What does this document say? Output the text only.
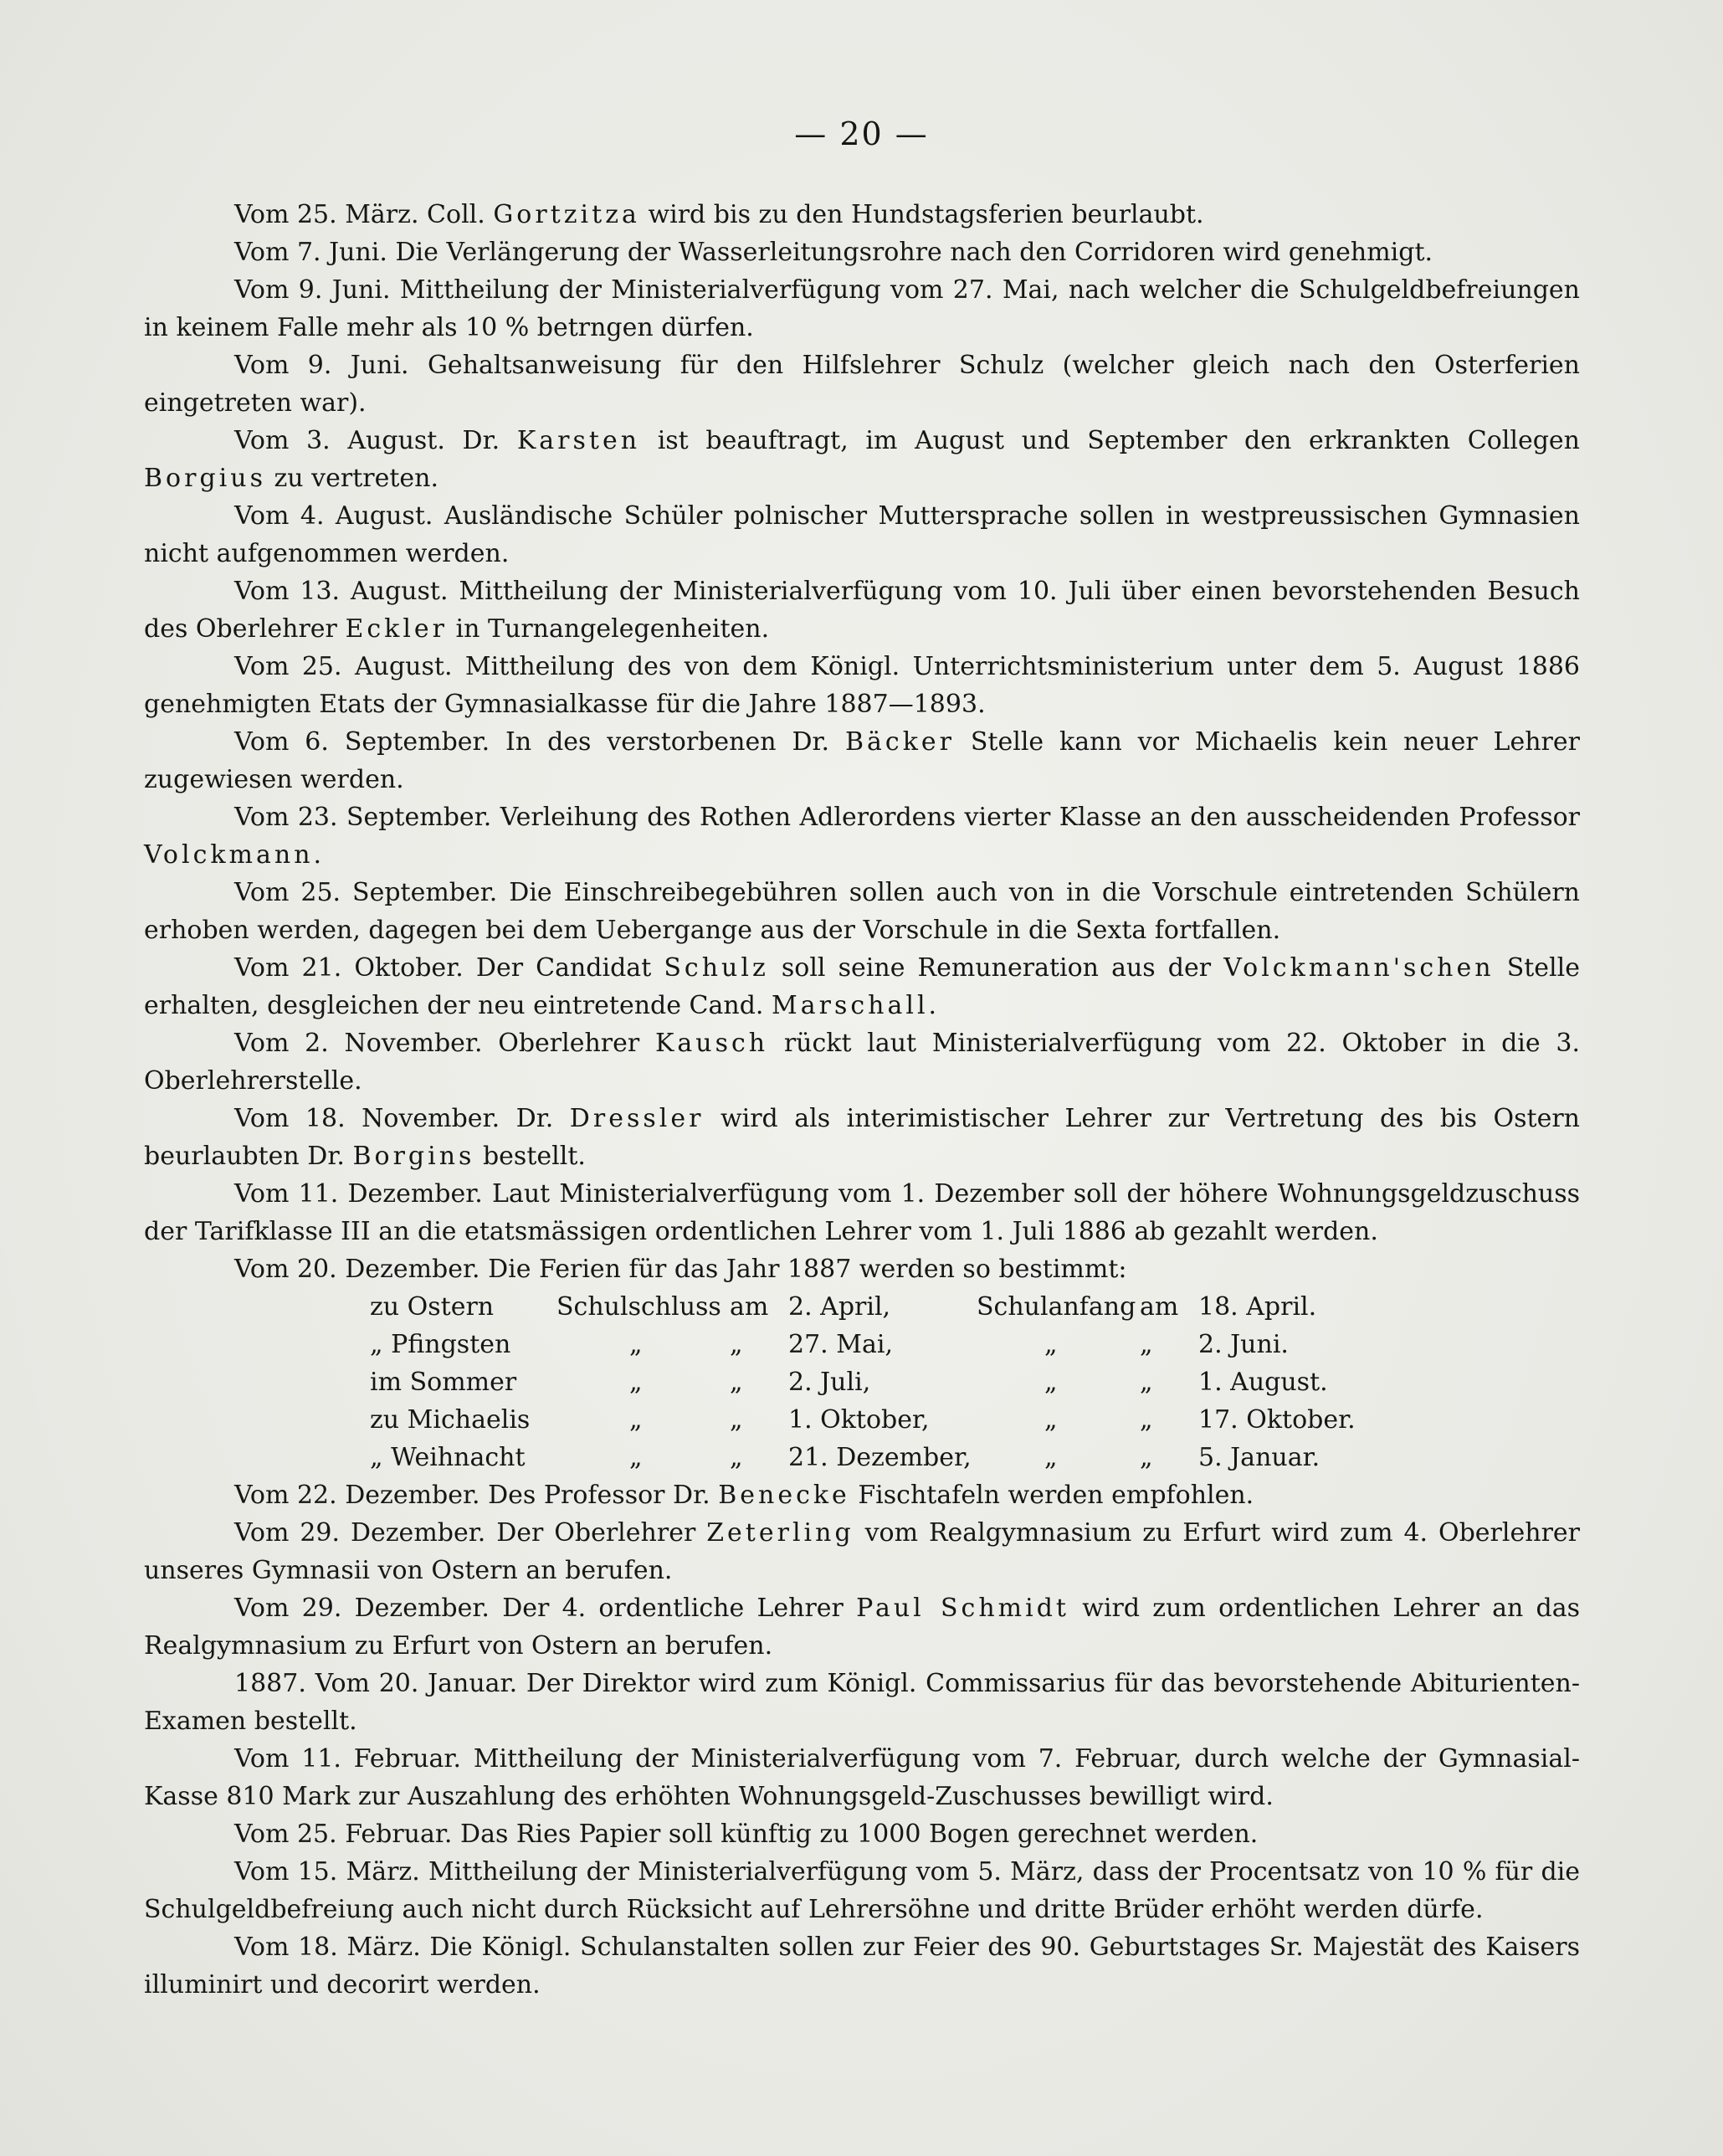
— 20 —

Vom 25. März. Coll. Gortzitza wird bis zu den Hundstagsferien beurlaubt.

Vom 7. Juni. Die Verlängerung der Wasserleitungsrohre nach den Corridoren wird genehmigt.

Vom 9. Juni. Mittheilung der Ministerialverfügung vom 27. Mai, nach welcher die Schulgeldbefreiungen in keinem Falle mehr als 10 % betrngen dürfen.

Vom 9. Juni. Gehaltsanweisung für den Hilfslehrer Schulz (welcher gleich nach den Osterferien eingetreten war).

Vom 3. August. Dr. Karsten ist beauftragt, im August und September den erkrankten Collegen Borgius zu vertreten.

Vom 4. August. Ausländische Schüler polnischer Muttersprache sollen in westpreussischen Gymnasien nicht aufgenommen werden.

Vom 13. August. Mittheilung der Ministerialverfügung vom 10. Juli über einen bevorstehenden Besuch des Oberlehrer Eckler in Turnangelegenheiten.

Vom 25. August. Mittheilung des von dem Königl. Unterrichtsministerium unter dem 5. August 1886 genehmigten Etats der Gymnasialkasse für die Jahre 1887—1893.

Vom 6. September. In des verstorbenen Dr. Bäcker Stelle kann vor Michaelis kein neuer Lehrer zugewiesen werden.

Vom 23. September. Verleihung des Rothen Adlerordens vierter Klasse an den ausscheidenden Professor Volckmann.

Vom 25. September. Die Einschreibegebühren sollen auch von in die Vorschule eintretenden Schülern erhoben werden, dagegen bei dem Uebergange aus der Vorschule in die Sexta fortfallen.

Vom 21. Oktober. Der Candidat Schulz soll seine Remuneration aus der Volckmann'schen Stelle erhalten, desgleichen der neu eintretende Cand. Marschall.

Vom 2. November. Oberlehrer Kausch rückt laut Ministerialverfügung vom 22. Oktober in die 3. Oberlehrerstelle.

Vom 18. November. Dr. Dressler wird als interimistischer Lehrer zur Vertretung des bis Ostern beurlaubten Dr. Borgins bestellt.

Vom 11. Dezember. Laut Ministerialverfügung vom 1. Dezember soll der höhere Wohnungsgeldzuschuss der Tarifklasse III an die etatsmässigen ordentlichen Lehrer vom 1. Juli 1886 ab gezahlt werden.

Vom 20. Dezember. Die Ferien für das Jahr 1887 werden so bestimmt:

zu Ostern Schulschluss am 2. April,	Schulanfang am 18. April.
„ Pfingsten	„	„ 27. Mai,	„	„ 2. Juni.
im Sommer	„	„ 2. Juli,	„	„ 1. August.
zu Michaelis	„	„ 1. Oktober,	„	„ 17. Oktober.
„ Weihnacht	„	„ 21. Dezember,	„	„ 5. Januar.

Vom 22. Dezember. Des Professor Dr. Benecke Fischtafeln werden empfohlen.

Vom 29. Dezember. Der Oberlehrer Zeterling vom Realgymnasium zu Erfurt wird zum 4. Oberlehrer unseres Gymnasii von Ostern an berufen.

Vom 29. Dezember. Der 4. ordentliche Lehrer Paul Schmidt wird zum ordentlichen Lehrer an das Realgymnasium zu Erfurt von Ostern an berufen.

1887. Vom 20. Januar. Der Direktor wird zum Königl. Commissarius für das bevorstehende Abiturienten-Examen bestellt.

Vom 11. Februar. Mittheilung der Ministerialverfügung vom 7. Februar, durch welche der Gymnasial-Kasse 810 Mark zur Auszahlung des erhöhten Wohnungsgeld-Zuschusses bewilligt wird.

Vom 25. Februar. Das Ries Papier soll künftig zu 1000 Bogen gerechnet werden.

Vom 15. März. Mittheilung der Ministerialverfügung vom 5. März, dass der Procentsatz von 10 % für die Schulgeldbefreiung auch nicht durch Rücksicht auf Lehrersöhne und dritte Brüder erhöht werden dürfe.

Vom 18. März. Die Königl. Schulanstalten sollen zur Feier des 90. Geburtstages Sr. Majestät des Kaisers illuminirt und decorirt werden.
